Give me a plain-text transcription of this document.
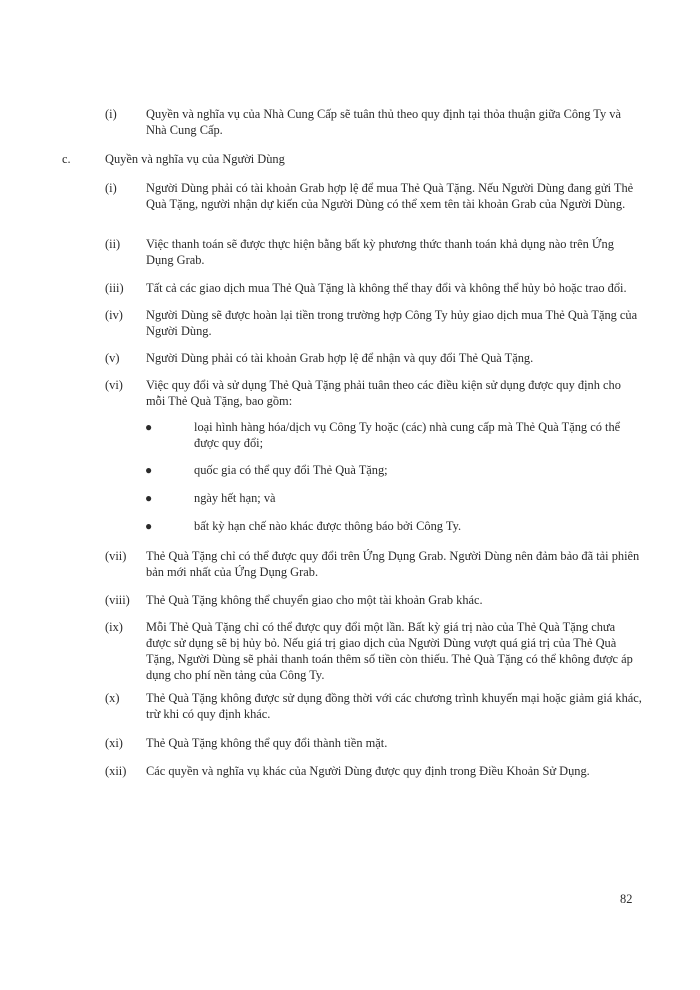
(i) Quyền và nghĩa vụ của Nhà Cung Cấp sẽ tuân thủ theo quy định tại thỏa thuận giữa Công Ty và Nhà Cung Cấp.
c.	Quyền và nghĩa vụ của Người Dùng
(i) Người Dùng phải có tài khoản Grab hợp lệ để mua Thẻ Quà Tặng. Nếu Người Dùng đang gửi Thẻ Quà Tặng, người nhận dự kiến của Người Dùng có thể xem tên tài khoản Grab của Người Dùng.
(ii) Việc thanh toán sẽ được thực hiện bằng bất kỳ phương thức thanh toán khả dụng nào trên Ứng Dụng Grab.
(iii) Tất cả các giao dịch mua Thẻ Quà Tặng là không thể thay đổi và không thể hủy bỏ hoặc trao đổi.
(iv) Người Dùng sẽ được hoàn lại tiền trong trường hợp Công Ty hủy giao dịch mua Thẻ Quà Tặng của Người Dùng.
(v) Người Dùng phải có tài khoản Grab hợp lệ để nhận và quy đổi Thẻ Quà Tặng.
(vi) Việc quy đổi và sử dụng Thẻ Quà Tặng phải tuân theo các điều kiện sử dụng được quy định cho mỗi Thẻ Quà Tặng, bao gồm:
●	loại hình hàng hóa/dịch vụ Công Ty hoặc (các) nhà cung cấp mà Thẻ Quà Tặng có thể được quy đổi;
●	quốc gia có thể quy đổi Thẻ Quà Tặng;
●	ngày hết hạn; và
●	bất kỳ hạn chế nào khác được thông báo bởi Công Ty.
(vii) Thẻ Quà Tặng chỉ có thể được quy đổi trên Ứng Dụng Grab. Người Dùng nên đảm bảo đã tải phiên bản mới nhất của Ứng Dụng Grab.
(viii) Thẻ Quà Tặng không thể chuyển giao cho một tài khoản Grab khác.
(ix) Mỗi Thẻ Quà Tặng chỉ có thể được quy đổi một lần. Bất kỳ giá trị nào của Thẻ Quà Tặng chưa được sử dụng sẽ bị hủy bỏ. Nếu giá trị giao dịch của Người Dùng vượt quá giá trị của Thẻ Quà Tặng, Người Dùng sẽ phải thanh toán thêm số tiền còn thiếu. Thẻ Quà Tặng có thể không được áp dụng cho phí nền tảng của Công Ty.
(x) Thẻ Quà Tặng không được sử dụng đồng thời với các chương trình khuyến mại hoặc giảm giá khác, trừ khi có quy định khác.
(xi) Thẻ Quà Tặng không thể quy đổi thành tiền mặt.
(xii) Các quyền và nghĩa vụ khác của Người Dùng được quy định trong Điều Khoản Sử Dụng.
82
